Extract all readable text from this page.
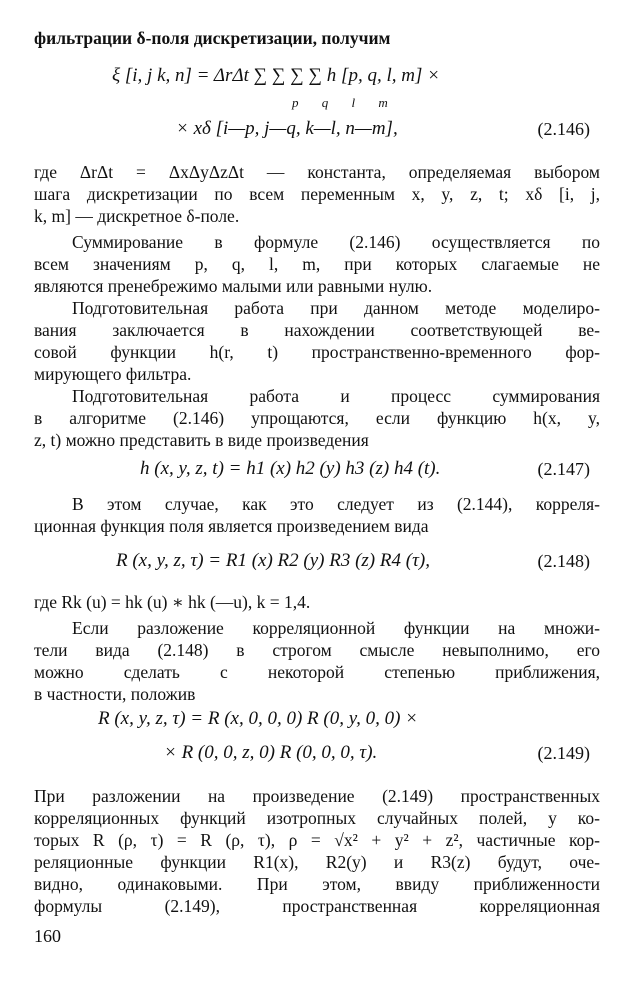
фильтрации δ-поля дискретизации, получим
ξ [i, j k, n] = ΔrΔt ∑ ∑ ∑ ∑ h [p, q, l, m] ×
p q l m
× xδ [i—p, j—q, k—l, n—m],	(2.146)
где ΔrΔt = ΔxΔyΔzΔt — константа, определяемая выбором
шага дискретизации по всем переменным x, y, z, t; xδ [i, j,
k, m] — дискретное δ-поле.
Суммирование в формуле (2.146) осуществляется по
всем значениям p, q, l, m, при которых слагаемые не
являются пренебрежимо малыми или равными нулю.
Подготовительная работа при данном методе моделиро-
вания заключается в нахождении соответствующей ве-
совой функции h(r, t) пространственно-временного фор-
мирующего фильтра.
Подготовительная работа и процесс суммирования
в алгоритме (2.146) упрощаются, если функцию h(x, y,
z, t) можно представить в виде произведения
h (x, y, z, t) = h1 (x) h2 (y) h3 (z) h4 (t).	(2.147)
В этом случае, как это следует из (2.144), корреля-
ционная функция поля является произведением вида
R (x, y, z, τ) = R1 (x) R2 (y) R3 (z) R4 (τ),	(2.148)
где Rk (u) = hk (u) ∗ hk (—u), k = 1,4.
Если разложение корреляционной функции на множи-
тели вида (2.148) в строгом смысле невыполнимо, его
можно сделать с некоторой степенью приближения,
в частности, положив
R (x, y, z, τ) = R (x, 0, 0, 0) R (0, y, 0, 0) ×
× R (0, 0, z, 0) R (0, 0, 0, τ).	(2.149)
При разложении на произведение (2.149) пространственных
корреляционных функций изотропных случайных полей, у ко-
торых R (ρ, τ) = R (ρ, τ), ρ = √x² + y² + z², частичные кор-
реляционные функции R1(x), R2(y) и R3(z) будут, оче-
видно, одинаковыми. При этом, ввиду приближенности
формулы (2.149), пространственная корреляционная
160
